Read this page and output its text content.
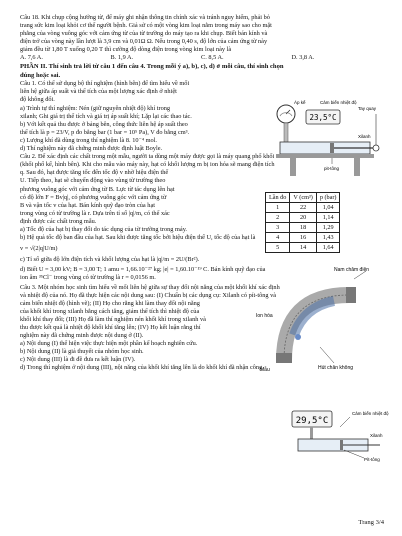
Câu 18. Khi chụp cộng hưởng từ, để máy ghi nhận thông tin chính xác và tránh nguy hiểm, phải bỏ

trang sức kim loại khỏi cơ thể người bệnh. Giả sử có một vòng kim loại nằm trong máy sao cho mặt

phẳng của vòng vuông góc với cảm ứng từ của từ trường do máy tạo ra khi chụp. Biết bán kính và

điện trở của vòng này lần lượt là 3,9 cm và 0,01Ω Ω. Nếu trong 0,40 s, độ lớn của cảm ứng từ này

giảm đều từ 1,80 T xuống 0,20 T thì cường độ dòng điện trong vòng kim loại này là

A. 7,6 A.	B. 1,9 A.	C. 8,5 A.	D. 3,8 A.

PHẦN II. Thí sinh trả lời từ câu 1 đến câu 4. Trong mỗi ý a), b), c), d) ở mỗi câu, thí sinh chọn

đúng hoặc sai.

Câu 1. Có thể sử dụng bộ thí nghiệm (hình bên) để tìm hiểu về mối

liên hệ giữa áp suất và thể tích của một lượng xác định ở nhiệt

độ không đổi.

a) Trình tự thí nghiệm: Nén (giữ nguyên nhiệt độ) khí trong

xilanh; Ghi giá trị thể tích và giá trị áp suất khí; Lặp lại các thao tác.

b) Với kết quả thu được ở bảng bên, công thức liên hệ áp suất theo

thể tích là p = 23/V, p đo bằng bar (1 bar = 10⁵ Pa), V đo bằng cm³.

c) Lượng khí đã dùng trong thí nghiệm là 8. 10⁻⁴ mol.

d) Thí nghiệm này đã chứng minh được định luật Boyle.

23,5°C
Áp kế	Cảm biến nhiệt độ
Tay quay
Xilanh
pit-tông
Lần đo	V (cm³)	p (bar)
1	22	1,04
2	20	1,14
3	18	1,29
4	16	1,43
5	14	1,64

Câu 2. Để xác định các chất trong một mẫu, người ta dùng một máy được gọi là máy quang phổ khối

(khối phổ kế, hình bên). Khi cho mẫu vào máy này, hạt có khối lượng m bị ion hóa sẽ mang điện tích

q. Sau đó, hạt được tăng tốc đến tốc độ v nhờ hiệu điện thế

U. Tiếp theo, hạt sẽ chuyển động vào vùng từ trường theo

phương vuông góc với cảm ứng từ B. Lực từ tác dụng lên hạt

có độ lớn F = Bv|q|, có phương vuông góc với cảm ứng từ

B và vận tốc v của hạt. Bán kính quỹ đạo tròn của hạt

trong vùng có từ trường là r. Dựa trên tỉ số |q|/m, có thể xác

định được các chất trong mẫu.

a) Tốc độ của hạt bị thay đổi do tác dụng của từ trường trong máy.

b) Hệ quả tốc độ ban đầu của hạt. Sau khi được tăng tốc bởi hiệu điện thế U, tốc độ của hạt là

v = √(2|q|U/m)

c) Tỉ số giữa độ lớn điện tích và khối lượng của hạt là |q|/m = 2U/(Br²).

d) Biết U = 3,00 kV; B = 3,00 T; 1 amu = 1,66.10⁻²⁷ kg; |e| = 1,60.10⁻¹⁹ C. Bán kính quỹ đạo của

ion âm ³⁵Cl⁻ trong vùng có từ trường là r = 0,0156 m.

Nam châm điện
Ion hóa
Mẫu	Hút chân không

Câu 3. Một nhóm học sinh tìm hiểu về mối liên hệ giữa sự thay đổi nội năng của một khối khí xác định

và nhiệt độ của nó. Họ đã thực hiện các nội dung sau: (I) Chuẩn bị các dụng cụ: Xilanh có pít-tông và

cảm biến nhiệt độ (hình vẽ); (II) Họ cho rằng khi làm thay đổi nội năng

của khối khí trong xilanh bằng cách tăng, giảm thể tích thì nhiệt độ của

khối khí thay đổi; (III) Họ đã làm thí nghiệm nén khối khí trong xilanh và

thu được kết quả là nhiệt độ khối khí tăng lên; (IV) Họ kết luận rằng thí

nghiệm này đã chứng minh được nội dung ở (II).

a) Nội dung (I) thể hiện việc thực hiện một phần kế hoạch nghiên cứu.

b) Nội dung (II) là giả thuyết của nhóm học sinh.

c) Nội dung (III) là đi đề đưa ra kết luận (IV).

d) Trong thí nghiệm ở nội dung (III), nội năng của khối khí tăng lên là do khối khí đã nhận công.

29,5°C
Cảm biến nhiệt độ
Xilanh
Pít-tông
Trang 3/4
